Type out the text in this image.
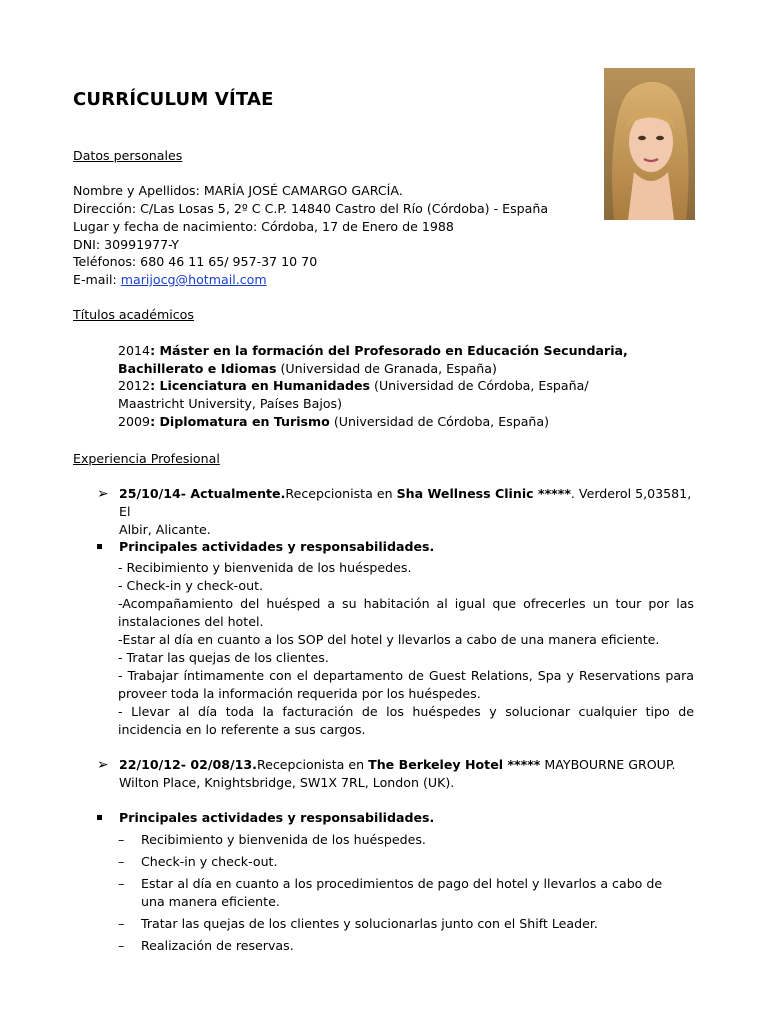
CURRÍCULUM VÍTAE
Datos personales
Nombre y Apellidos: MARÍA JOSÉ CAMARGO GARCÍA.
Dirección: C/Las Losas 5, 2º C C.P. 14840 Castro del Río (Córdoba) - España
Lugar y fecha de nacimiento: Córdoba, 17 de Enero de 1988
DNI: 30991977-Y
Teléfonos: 680 46 11 65/ 957-37 10 70
E-mail: marijocg@hotmail.com
Títulos académicos
2014: Máster en la formación del Profesorado en Educación Secundaria, Bachillerato e Idiomas (Universidad de Granada, España)
2012: Licenciatura en Humanidades (Universidad de Córdoba, España/ Maastricht University, Países Bajos)
2009: Diplomatura en Turismo (Universidad de Córdoba, España)
Experiencia Profesional
➢ 25/10/14- Actualmente.Recepcionista en Sha Wellness Clinic *****. Verderol 5,03581, El
Albir, Alicante.
Principales actividades y responsabilidades.
- Recibimiento y bienvenida de los huéspedes.
- Check-in y check-out.
-Acompañamiento del huésped a su habitación al igual que ofrecerles un tour por las instalaciones del hotel.
-Estar al día en cuanto a los SOP del hotel y llevarlos a cabo de una manera eficiente.
- Tratar las quejas de los clientes.
- Trabajar íntimamente con el departamento de Guest Relations, Spa y Reservations para proveer toda la información requerida por los huéspedes.
- Llevar al día toda la facturación de los huéspedes y solucionar cualquier tipo de incidencia en lo referente a sus cargos.
➢ 22/10/12- 02/08/13.Recepcionista en The Berkeley Hotel ***** MAYBOURNE GROUP.
Wilton Place, Knightsbridge, SW1X 7RL, London (UK).
Principales actividades y responsabilidades.
– Recibimiento y bienvenida de los huéspedes.
– Check-in y check-out.
– Estar al día en cuanto a los procedimientos de pago del hotel y llevarlos a cabo de una manera eficiente.
– Tratar las quejas de los clientes y solucionarlas junto con el Shift Leader.
– Realización de reservas.
